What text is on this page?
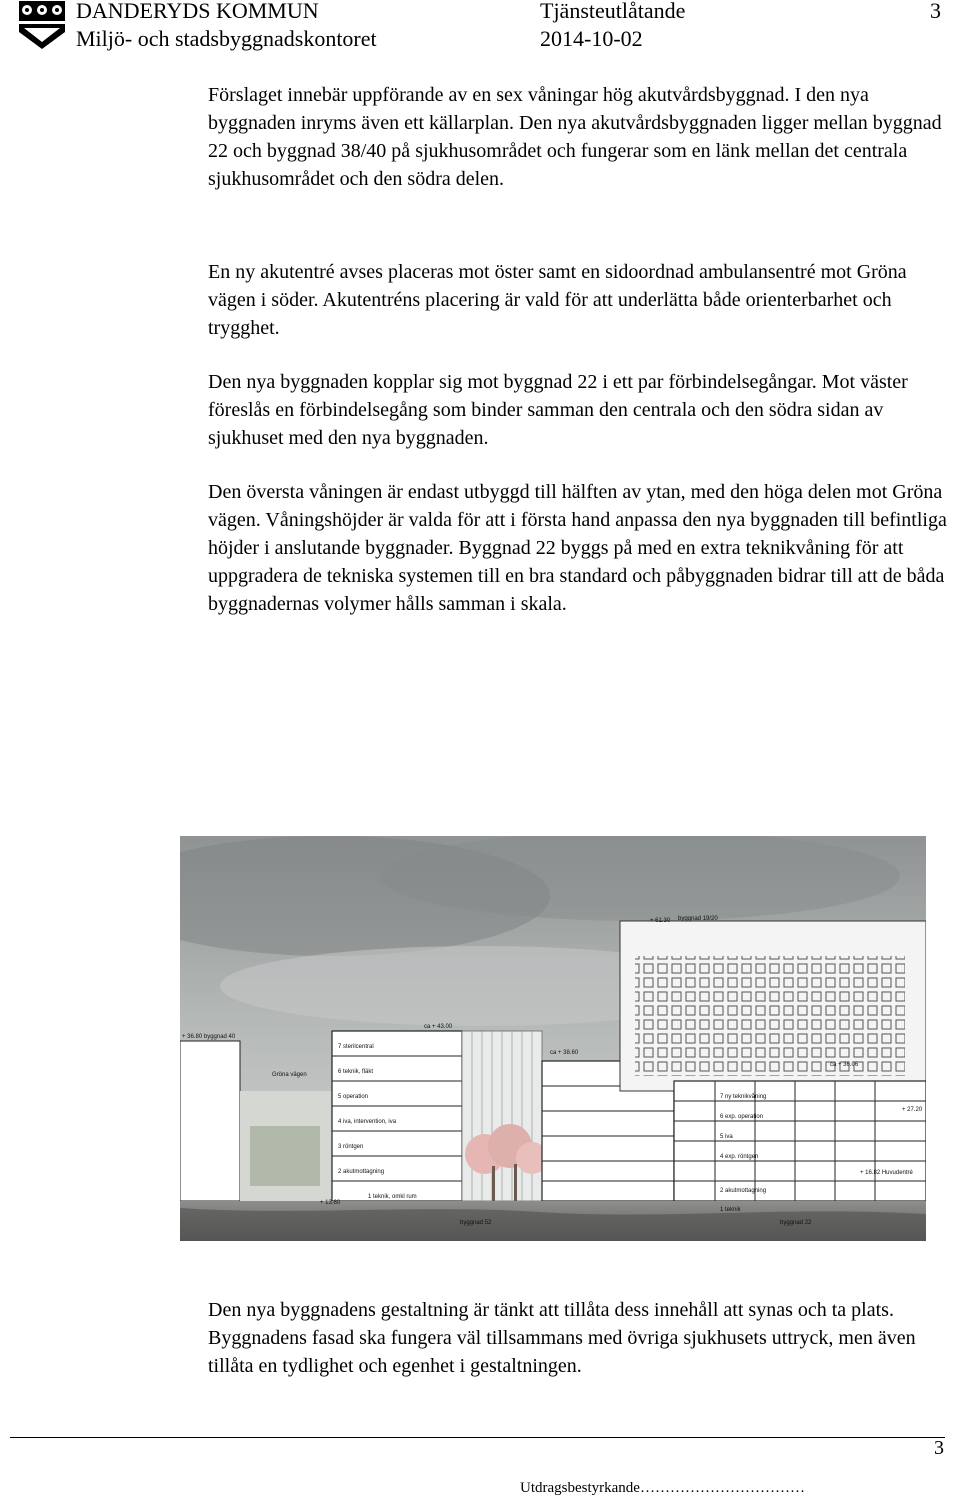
DANDERYDS KOMMUN
Miljö- och stadsbyggnadskontoret
Tjänsteutlåtande
2014-10-02
3

Förslaget innebär uppförande av en sex våningar hög akutvårdsbyggnad. I den nya byggnaden inryms även ett källarplan. Den nya akutvårdsbyggnaden ligger mellan byggnad 22 och byggnad 38/40 på sjukhusområdet och fungerar som en länk mellan det centrala sjukhusområdet och den södra delen.

En ny akutentré avses placeras mot öster samt en sidoordnad ambulansentré mot Gröna vägen i söder. Akutentréns placering är vald för att underlätta både orienterbarhet och trygghet.

Den nya byggnaden kopplar sig mot byggnad 22 i ett par förbindelsegångar. Mot väster föreslås en förbindelsegång som binder samman den centrala och den södra sidan av sjukhuset med den nya byggnaden.

Den översta våningen är endast utbyggd till hälften av ytan, med den höga delen mot Gröna vägen. Våningshöjder är valda för att i första hand anpassa den nya byggnaden till befintliga höjder i anslutande byggnader. Byggnad 22 byggs på med en extra teknikvåning för att uppgradera de tekniska systemen till en bra standard och påbyggnaden bidrar till att de båda byggnadernas volymer hålls samman i skala.

+ 61.30 byggnad 19/20
ca + 43.00
+ 36.80 byggnad 40
ca + 38.60
ca + 36.06
Gröna vägen
+ 27.20
+ 16.82 Huvudentré
+ 13.60
byggnad 52	byggnad 22
7 sterilcentral
6 teknik, fläkt
5 operation
4 iva, intervention, iva
3 röntgen
2 akutmottagning
1 teknik, omkl rum
7 ny teknikvåning
6 exp. operation
5 iva
4 exp. röntgen
2 akutmottagning
1 teknik

Den nya byggnadens gestaltning är tänkt att tillåta dess innehåll att synas och ta plats. Byggnadens fasad ska fungera väl tillsammans med övriga sjukhusets uttryck, men även tillåta en tydlighet och egenhet i gestaltningen.

3
Utdragsbestyrkande……………………………
